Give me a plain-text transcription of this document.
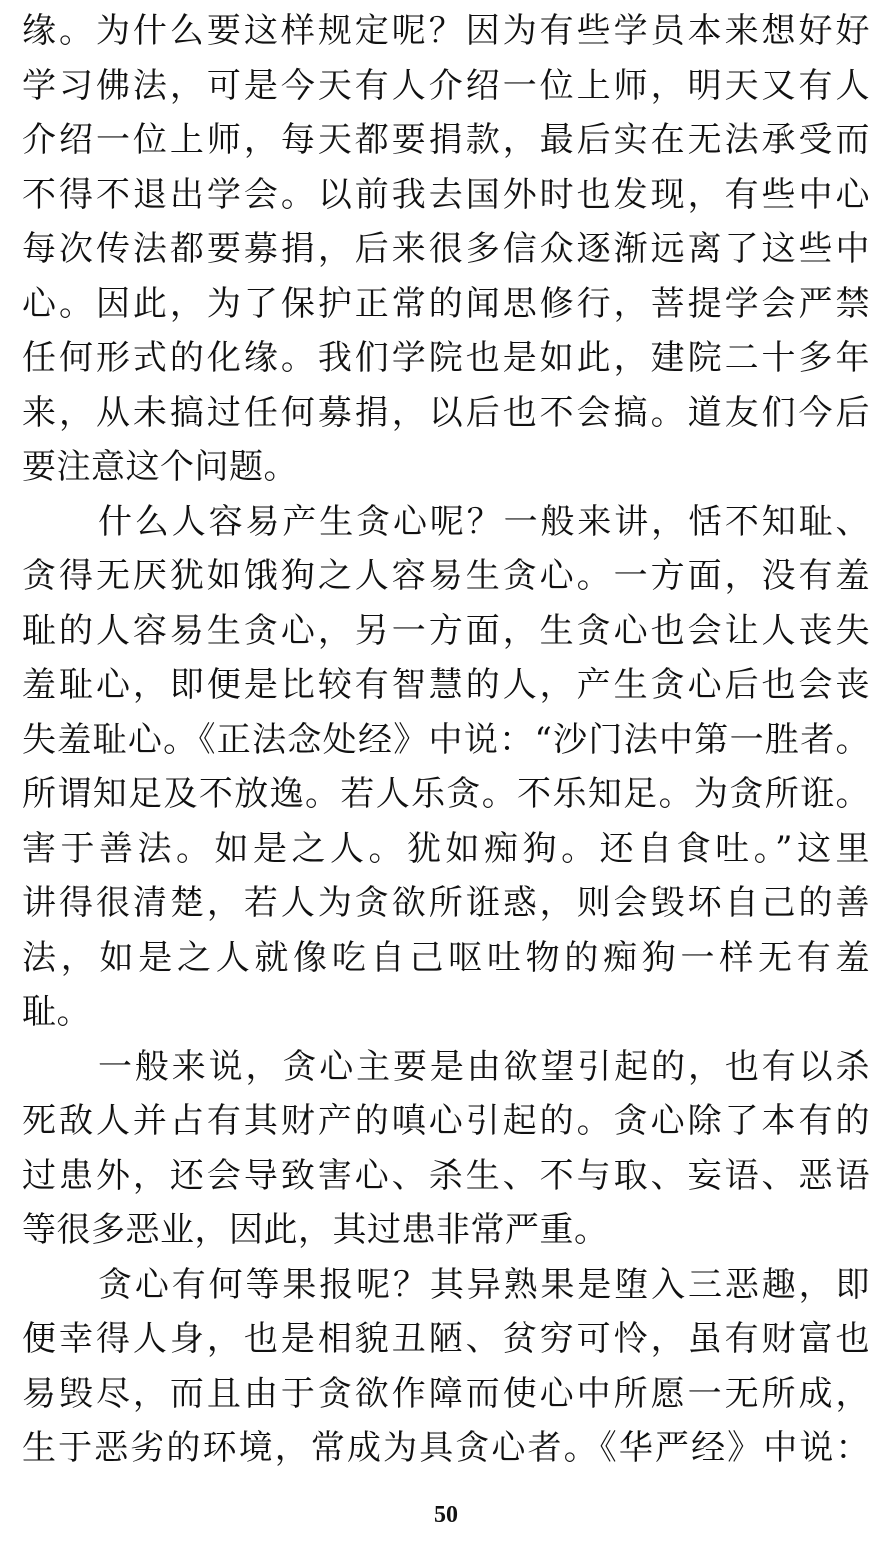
缘。为什么要这样规定呢？因为有些学员本来想好好
学习佛法，可是今天有人介绍一位上师，明天又有人
介绍一位上师，每天都要捐款，最后实在无法承受而
不得不退出学会。以前我去国外时也发现，有些中心
每次传法都要募捐，后来很多信众逐渐远离了这些中
心。因此，为了保护正常的闻思修行，菩提学会严禁
任何形式的化缘。我们学院也是如此，建院二十多年
来，从未搞过任何募捐，以后也不会搞。道友们今后
要注意这个问题。
什么人容易产生贪心呢？一般来讲，恬不知耻、
贪得无厌犹如饿狗之人容易生贪心。一方面，没有羞
耻的人容易生贪心，另一方面，生贪心也会让人丧失
羞耻心，即便是比较有智慧的人，产生贪心后也会丧
失羞耻心。《正法念处经》中说：“沙门法中第一胜者。
所谓知足及不放逸。若人乐贪。不乐知足。为贪所诳。
害于善法。如是之人。犹如痴狗。还自食吐。”这里
讲得很清楚，若人为贪欲所诳惑，则会毁坏自己的善
法，如是之人就像吃自己呕吐物的痴狗一样无有羞
耻。
一般来说，贪心主要是由欲望引起的，也有以杀
死敌人并占有其财产的嗔心引起的。贪心除了本有的
过患外，还会导致害心、杀生、不与取、妄语、恶语
等很多恶业，因此，其过患非常严重。
贪心有何等果报呢？其异熟果是堕入三恶趣，即
便幸得人身，也是相貌丑陋、贫穷可怜，虽有财富也
易毁尽，而且由于贪欲作障而使心中所愿一无所成，
生于恶劣的环境，常成为具贪心者。《华严经》中说：
50
